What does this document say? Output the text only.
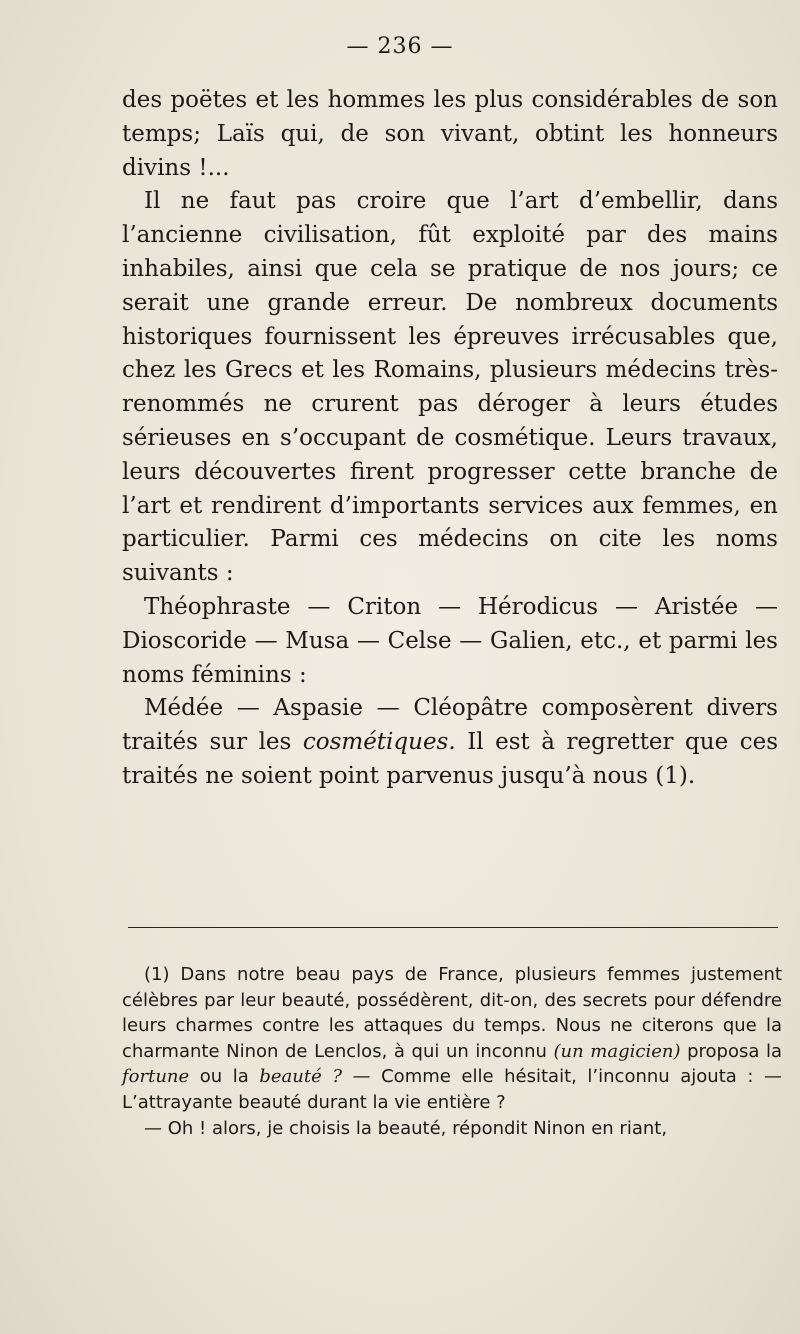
— 236 —

des poëtes et les hommes les plus considérables de son temps; Laïs qui, de son vivant, obtint les honneurs divins !...

Il ne faut pas croire que l’art d’embellir, dans l’ancienne civilisation, fût exploité par des mains inhabiles, ainsi que cela se pratique de nos jours; ce serait une grande erreur. De nombreux documents historiques fournissent les épreuves irrécusables que, chez les Grecs et les Romains, plusieurs médecins très-renommés ne crurent pas déroger à leurs études sérieuses en s’occupant de cosmétique. Leurs travaux, leurs découvertes firent progresser cette branche de l’art et rendirent d’importants services aux femmes, en particulier. Parmi ces médecins on cite les noms suivants :

Théophraste — Criton — Hérodicus — Aristée —

Dioscoride — Musa — Celse — Galien, etc., et parmi les noms féminins :

Médée — Aspasie — Cléopâtre composèrent divers traités sur les cosmétiques. Il est à regretter que ces traités ne soient point parvenus jusqu’à nous (1).

(1) Dans notre beau pays de France, plusieurs femmes justement célèbres par leur beauté, possédèrent, dit-on, des secrets pour défendre leurs charmes contre les attaques du temps. Nous ne citerons que la charmante Ninon de Lenclos, à qui un inconnu (un magicien) proposa la fortune ou la beauté ? — Comme elle hésitait, l’inconnu ajouta : — L’attrayante beauté durant la vie entière ?

— Oh ! alors, je choisis la beauté, répondit Ninon en riant,
